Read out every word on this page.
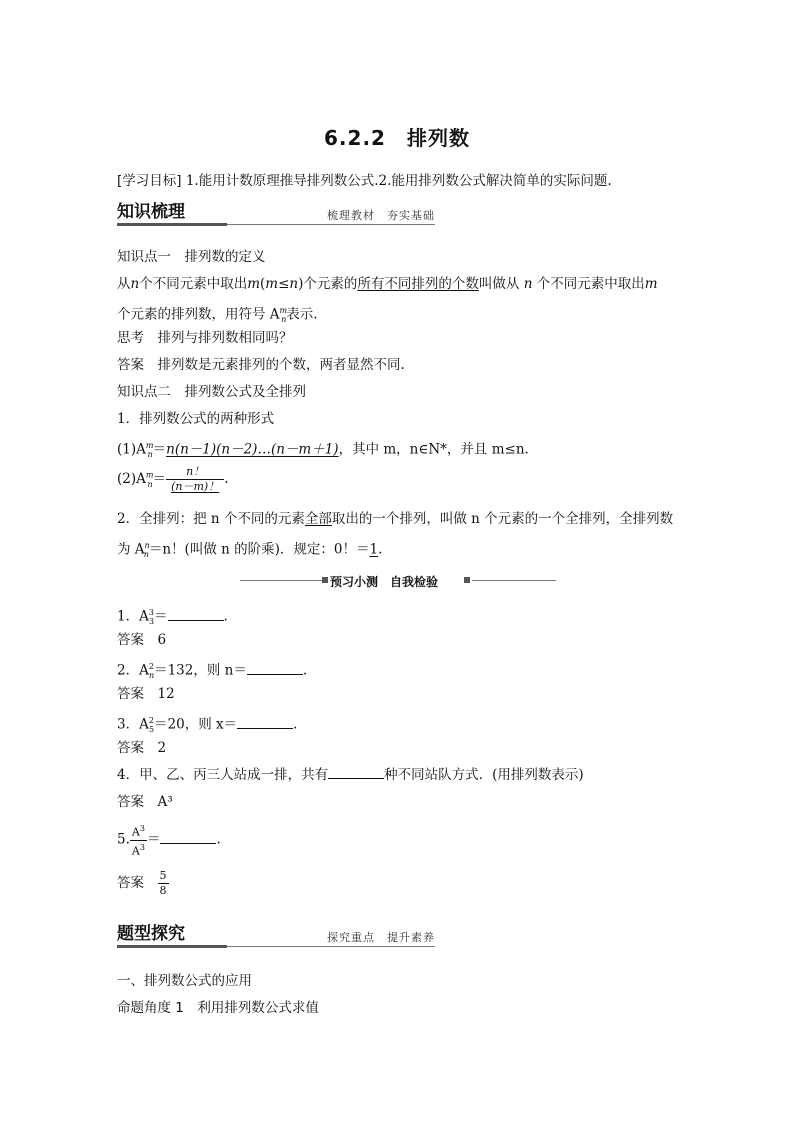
6.2.2　排列数
[学习目标] 1.能用计数原理推导排列数公式.2.能用排列数公式解决简单的实际问题.
知识梳理	梳理教材　夯实基础
知识点一　排列数的定义
从n个不同元素中取出m(m≤n)个元素的所有不同排列的个数叫做从 n 个不同元素中取出m
个元素的排列数，用符号 $A^m_n$表示.
思考　 排列与排列数相同吗？
答案　 排列数是元素排列的个数，两者显然不同.
知识点二　排列数公式及全排列
1．排列数公式的两种形式
$(1)A^m_n=n(n-1)(n-2)\dots(n-m+1)$，其中 m，n∈N*，并且 m≤n.
$(2)A^m_n= \frac{n!}{(n-m)!}$ .
2．全排列：把 n 个不同的元素全部取出的一个排列，叫做 n 个元素的一个全排列，全排列数
为 $A^n_n=n$！(叫做 n 的阶乘)．规定：0！＝1.
预习小测　自我检验
1．$A^3_3=$	.
答案　 6
2．$A^2_n=132$，则 n＝	.
答案　 12
3．$A^2_5=20$，则 x＝	.
答案　 2
4．甲、乙、丙三人站成一排，共有	种不同站队方式．(用排列数表示)
答案　 A³
5. $\frac{A^3}{A^3}$ ＝	.
答案　 $\frac{5}{8}$
题型探究	探究重点　提升素养
一、排列数公式的应用
命题角度 1　利用排列数公式求值
